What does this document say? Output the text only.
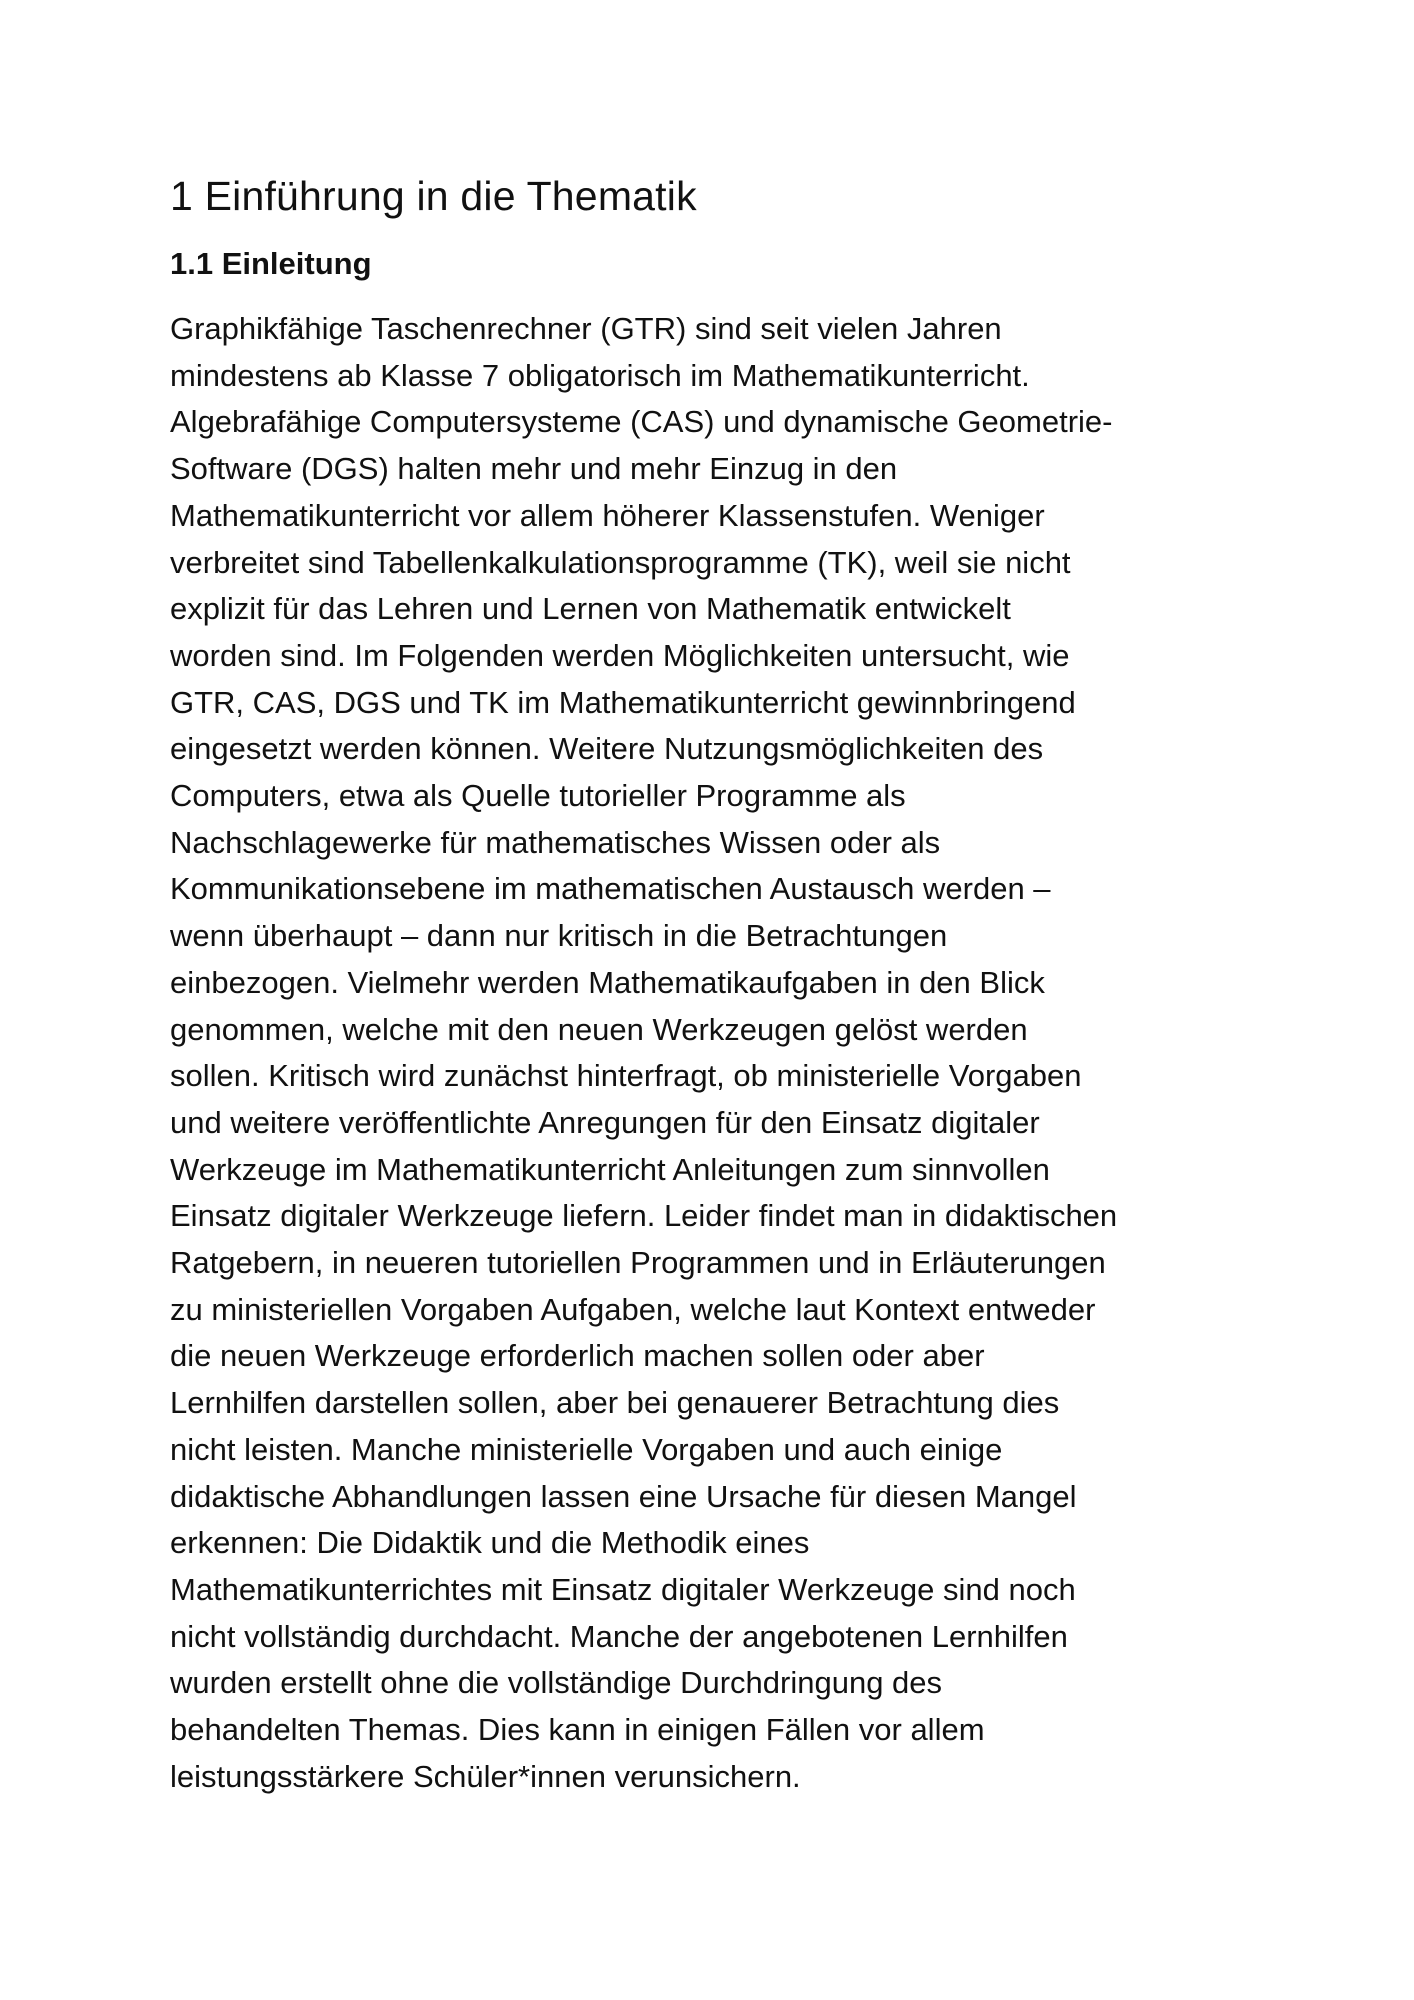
1 Einführung in die Thematik
1.1 Einleitung
Graphikfähige Taschenrechner (GTR) sind seit vielen Jahren
mindestens ab Klasse 7 obligatorisch im Mathematikunterricht.
Algebrafähige Computersysteme (CAS) und dynamische Geometrie-
Software (DGS) halten mehr und mehr Einzug in den
Mathematikunterricht vor allem höherer Klassenstufen. Weniger
verbreitet sind Tabellenkalkulationsprogramme (TK), weil sie nicht
explizit für das Lehren und Lernen von Mathematik entwickelt
worden sind. Im Folgenden werden Möglichkeiten untersucht, wie
GTR, CAS, DGS und TK im Mathematikunterricht gewinnbringend
eingesetzt werden können. Weitere Nutzungsmöglichkeiten des
Computers, etwa als Quelle tutorieller Programme als
Nachschlagewerke für mathematisches Wissen oder als
Kommunikationsebene im mathematischen Austausch werden –
wenn überhaupt – dann nur kritisch in die Betrachtungen
einbezogen. Vielmehr werden Mathematikaufgaben in den Blick
genommen, welche mit den neuen Werkzeugen gelöst werden
sollen. Kritisch wird zunächst hinterfragt, ob ministerielle Vorgaben
und weitere veröffentlichte Anregungen für den Einsatz digitaler
Werkzeuge im Mathematikunterricht Anleitungen zum sinnvollen
Einsatz digitaler Werkzeuge liefern. Leider findet man in didaktischen
Ratgebern, in neueren tutoriellen Programmen und in Erläuterungen
zu ministeriellen Vorgaben Aufgaben, welche laut Kontext entweder
die neuen Werkzeuge erforderlich machen sollen oder aber
Lernhilfen darstellen sollen, aber bei genauerer Betrachtung dies
nicht leisten. Manche ministerielle Vorgaben und auch einige
didaktische Abhandlungen lassen eine Ursache für diesen Mangel
erkennen: Die Didaktik und die Methodik eines
Mathematikunterrichtes mit Einsatz digitaler Werkzeuge sind noch
nicht vollständig durchdacht. Manche der angebotenen Lernhilfen
wurden erstellt ohne die vollständige Durchdringung des
behandelten Themas. Dies kann in einigen Fällen vor allem
leistungsstärkere Schüler*innen verunsichern.
